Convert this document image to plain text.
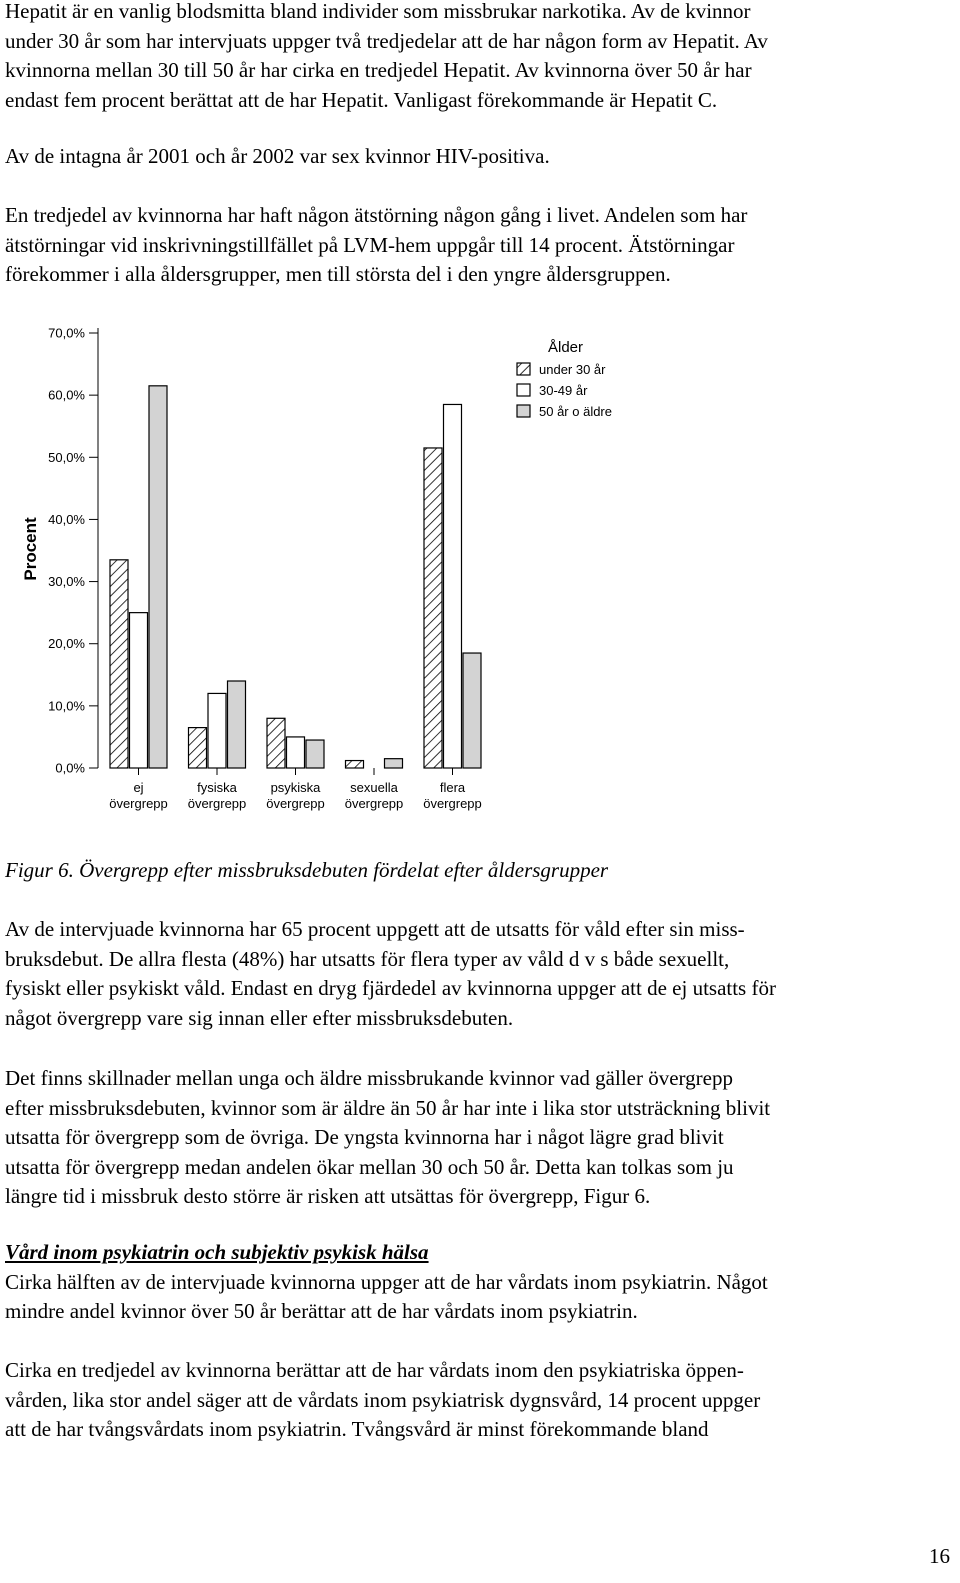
Hepatit är en vanlig blodsmitta bland individer som missbrukar narkotika. Av de kvinnor
under 30 år som har intervjuats uppger två tredjedelar att de har någon form av Hepatit. Av
kvinnorna mellan 30 till 50 år har cirka en tredjedel Hepatit. Av kvinnorna över 50 år har
endast fem procent berättat att de har Hepatit. Vanligast förekommande är Hepatit C.
Av de intagna år 2001 och år 2002 var sex kvinnor HIV-positiva.
En tredjedel av kvinnorna har haft någon ätstörning någon gång i livet. Andelen som har
ätstörningar vid inskrivningstillfället på LVM-hem uppgår till 14 procent. Ätstörningar
förekommer i alla åldersgrupper, men till största del i den yngre åldersgruppen.
0,0%
10,0%
20,0%
30,0%
40,0%
50,0%
60,0%
70,0%
Procent
ej
övergrepp
fysiska
övergrepp
psykiska
övergrepp
sexuella
övergrepp
flera
övergrepp
Ålder
under 30 år
30-49 år
50 år o äldre
Figur 6. Övergrepp efter missbruksdebuten fördelat efter åldersgrupper
Av de intervjuade kvinnorna har 65 procent uppgett att de utsatts för våld efter sin miss-
bruksdebut. De allra flesta (48%) har utsatts för flera typer av våld d v s både sexuellt,
fysiskt eller psykiskt våld. Endast en dryg fjärdedel av kvinnorna uppger att de ej utsatts för
något övergrepp vare sig innan eller efter missbruksdebuten.
Det finns skillnader mellan unga och äldre missbrukande kvinnor vad gäller övergrepp
efter missbruksdebuten, kvinnor som är äldre än 50 år har inte i lika stor utsträckning blivit
utsatta för övergrepp som de övriga. De yngsta kvinnorna har i något lägre grad blivit
utsatta för övergrepp medan andelen ökar mellan 30 och 50 år. Detta kan tolkas som ju
längre tid i missbruk desto större är risken att utsättas för övergrepp, Figur 6.
Vård inom psykiatrin och subjektiv psykisk hälsa
Cirka hälften av de intervjuade kvinnorna uppger att de har vårdats inom psykiatrin. Något
mindre andel kvinnor över 50 år berättar att de har vårdats inom psykiatrin.
Cirka en tredjedel av kvinnorna berättar att de har vårdats inom den psykiatriska öppen-
vården, lika stor andel säger att de vårdats inom psykiatrisk dygnsvård, 14 procent uppger
att de har tvångsvårdats inom psykiatrin. Tvångsvård är minst förekommande bland
16
